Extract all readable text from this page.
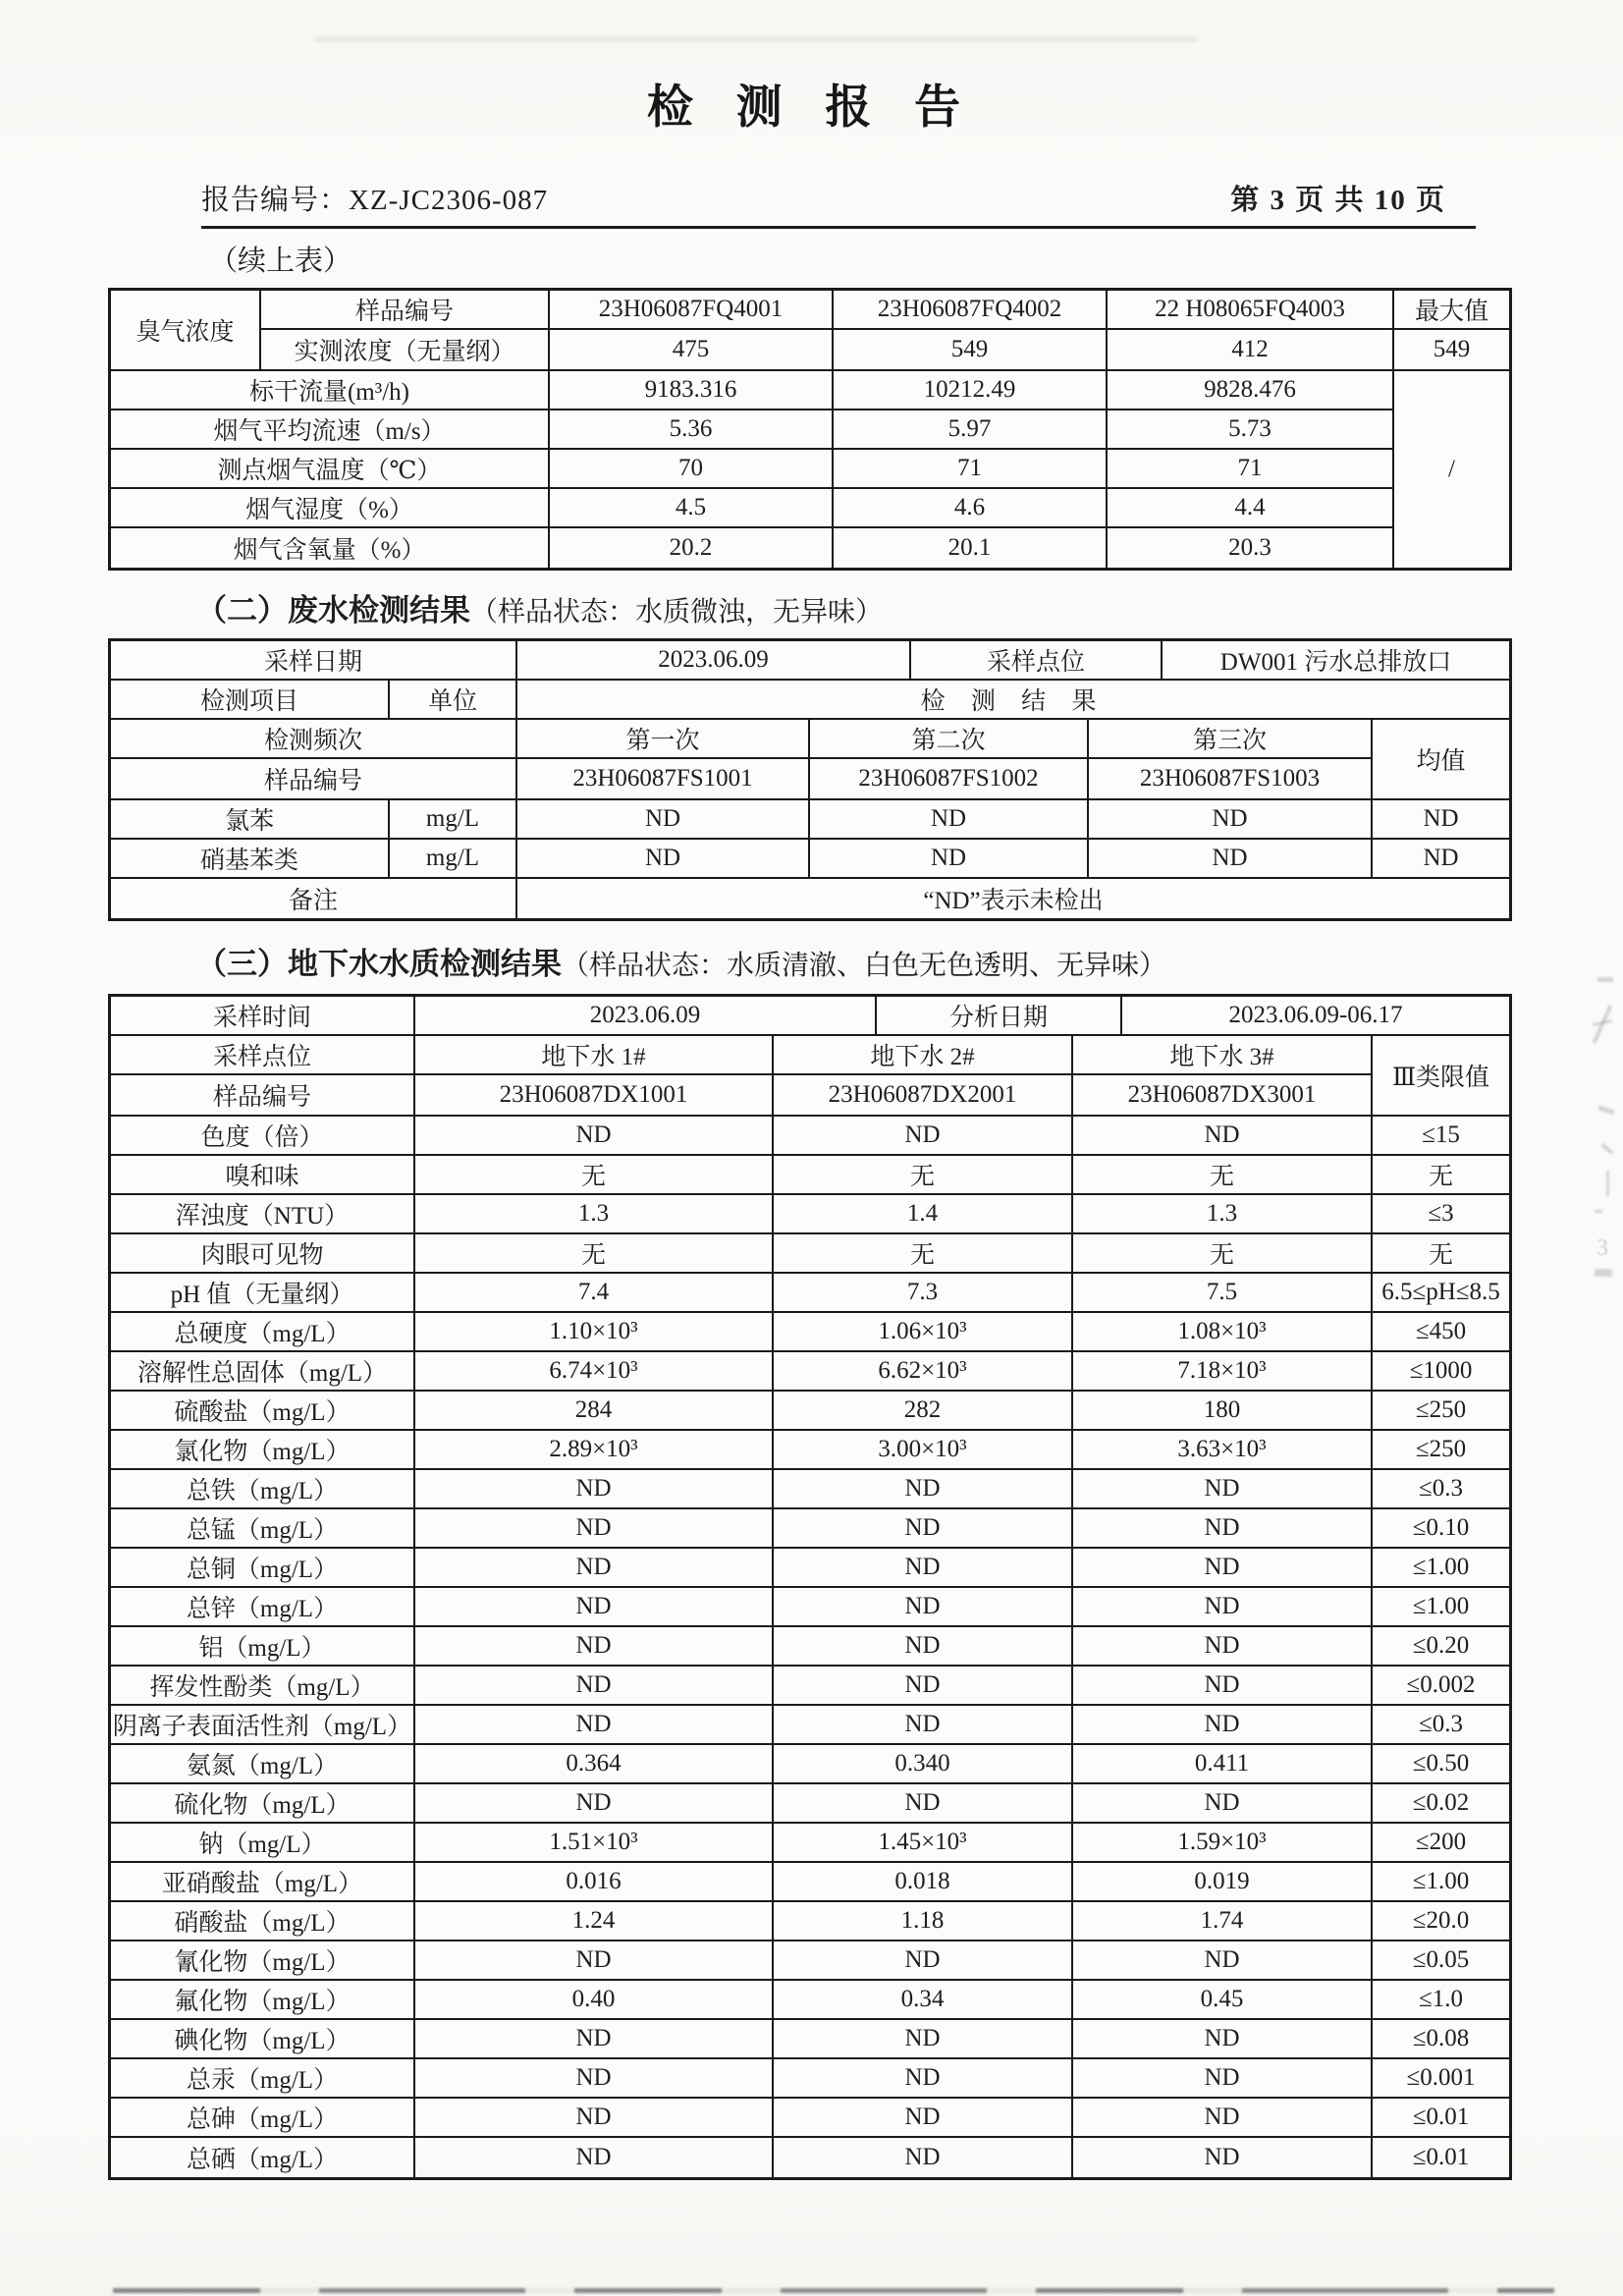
检 测 报 告
报告编号：XZ-JC2306-087	第 3 页 共 10 页
（续上表）
臭气浓度
样品编号	23H06087FQ4001	23H06087FQ4002	22 H08065FQ4003	最大值
实测浓度（无量纲）	475	549	412	549
标干流量(m³/h)	9183.316	10212.49	9828.476
烟气平均流速（m/s）	5.36	5.97	5.73
测点烟气温度（℃）	70	71	71
烟气湿度（%）	4.5	4.6	4.4
烟气含氧量（%）	20.2	20.1	20.3
/
（二）废水检测结果（样品状态：水质微浊，无异味）
采样日期	2023.06.09	采样点位	DW001 污水总排放口
检测项目	单位	检 测 结 果
检测频次	第一次	第二次	第三次
样品编号	23H06087FS1001	23H06087FS1002	23H06087FS1003
均值
氯苯	mg/L	ND	ND	ND	ND
硝基苯类	mg/L	ND	ND	ND	ND
备注	“ND”表示未检出
（三）地下水水质检测结果（样品状态：水质清澈、白色无色透明、无异味）
采样时间	2023.06.09	分析日期	2023.06.09-06.17
采样点位	地下水 1#	地下水 2#	地下水 3#
样品编号	23H06087DX1001	23H06087DX2001	23H06087DX3001
Ⅲ类限值
色度（倍）	ND	ND	ND	≤15
嗅和味	无	无	无	无
浑浊度（NTU）	1.3	1.4	1.3	≤3
肉眼可见物	无	无	无	无
pH 值（无量纲）	7.4	7.3	7.5	6.5≤pH≤8.5
总硬度（mg/L）	1.10×10³	1.06×10³	1.08×10³	≤450
溶解性总固体（mg/L）	6.74×10³	6.62×10³	7.18×10³	≤1000
硫酸盐（mg/L）	284	282	180	≤250
氯化物（mg/L）	2.89×10³	3.00×10³	3.63×10³	≤250
总铁（mg/L）	ND	ND	ND	≤0.3
总锰（mg/L）	ND	ND	ND	≤0.10
总铜（mg/L）	ND	ND	ND	≤1.00
总锌（mg/L）	ND	ND	ND	≤1.00
铝（mg/L）	ND	ND	ND	≤0.20
挥发性酚类（mg/L）	ND	ND	ND	≤0.002
阴离子表面活性剂（mg/L）	ND	ND	ND	≤0.3
氨氮（mg/L）	0.364	0.340	0.411	≤0.50
硫化物（mg/L）	ND	ND	ND	≤0.02
钠（mg/L）	1.51×10³	1.45×10³	1.59×10³	≤200
亚硝酸盐（mg/L）	0.016	0.018	0.019	≤1.00
硝酸盐（mg/L）	1.24	1.18	1.74	≤20.0
氰化物（mg/L）	ND	ND	ND	≤0.05
氟化物（mg/L）	0.40	0.34	0.45	≤1.0
碘化物（mg/L）	ND	ND	ND	≤0.08
总汞（mg/L）	ND	ND	ND	≤0.001
总砷（mg/L）	ND	ND	ND	≤0.01
总硒（mg/L）	ND	ND	ND	≤0.01
3
